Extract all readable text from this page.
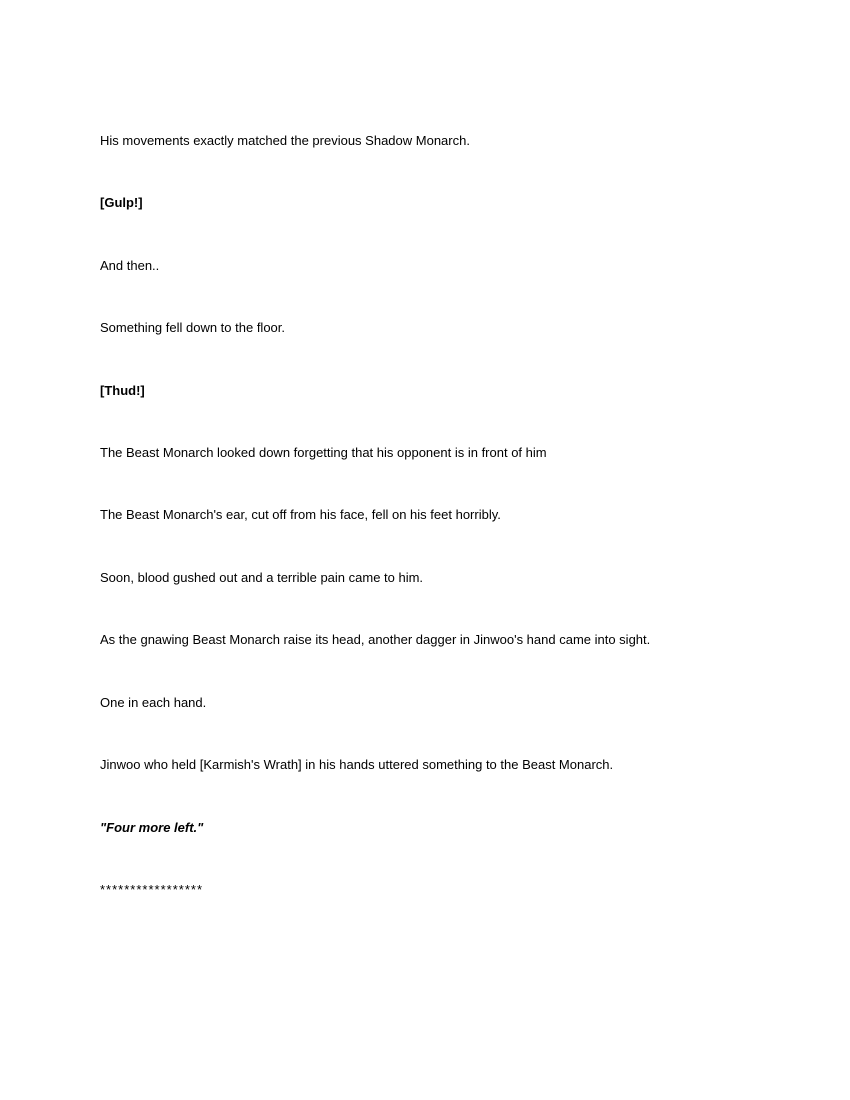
His movements exactly matched the previous Shadow Monarch.

[Gulp!]

And then..

Something fell down to the floor.

[Thud!]

The Beast Monarch looked down forgetting that his opponent is in front of him

The Beast Monarch's ear, cut off from his face, fell on his feet horribly.

Soon, blood gushed out and a terrible pain came to him.

As the gnawing Beast Monarch raise its head, another dagger in Jinwoo's hand came into sight.

One in each hand.

Jinwoo who held [Karmish's Wrath] in his hands uttered something to the Beast Monarch.

"Four more left."

*****************
